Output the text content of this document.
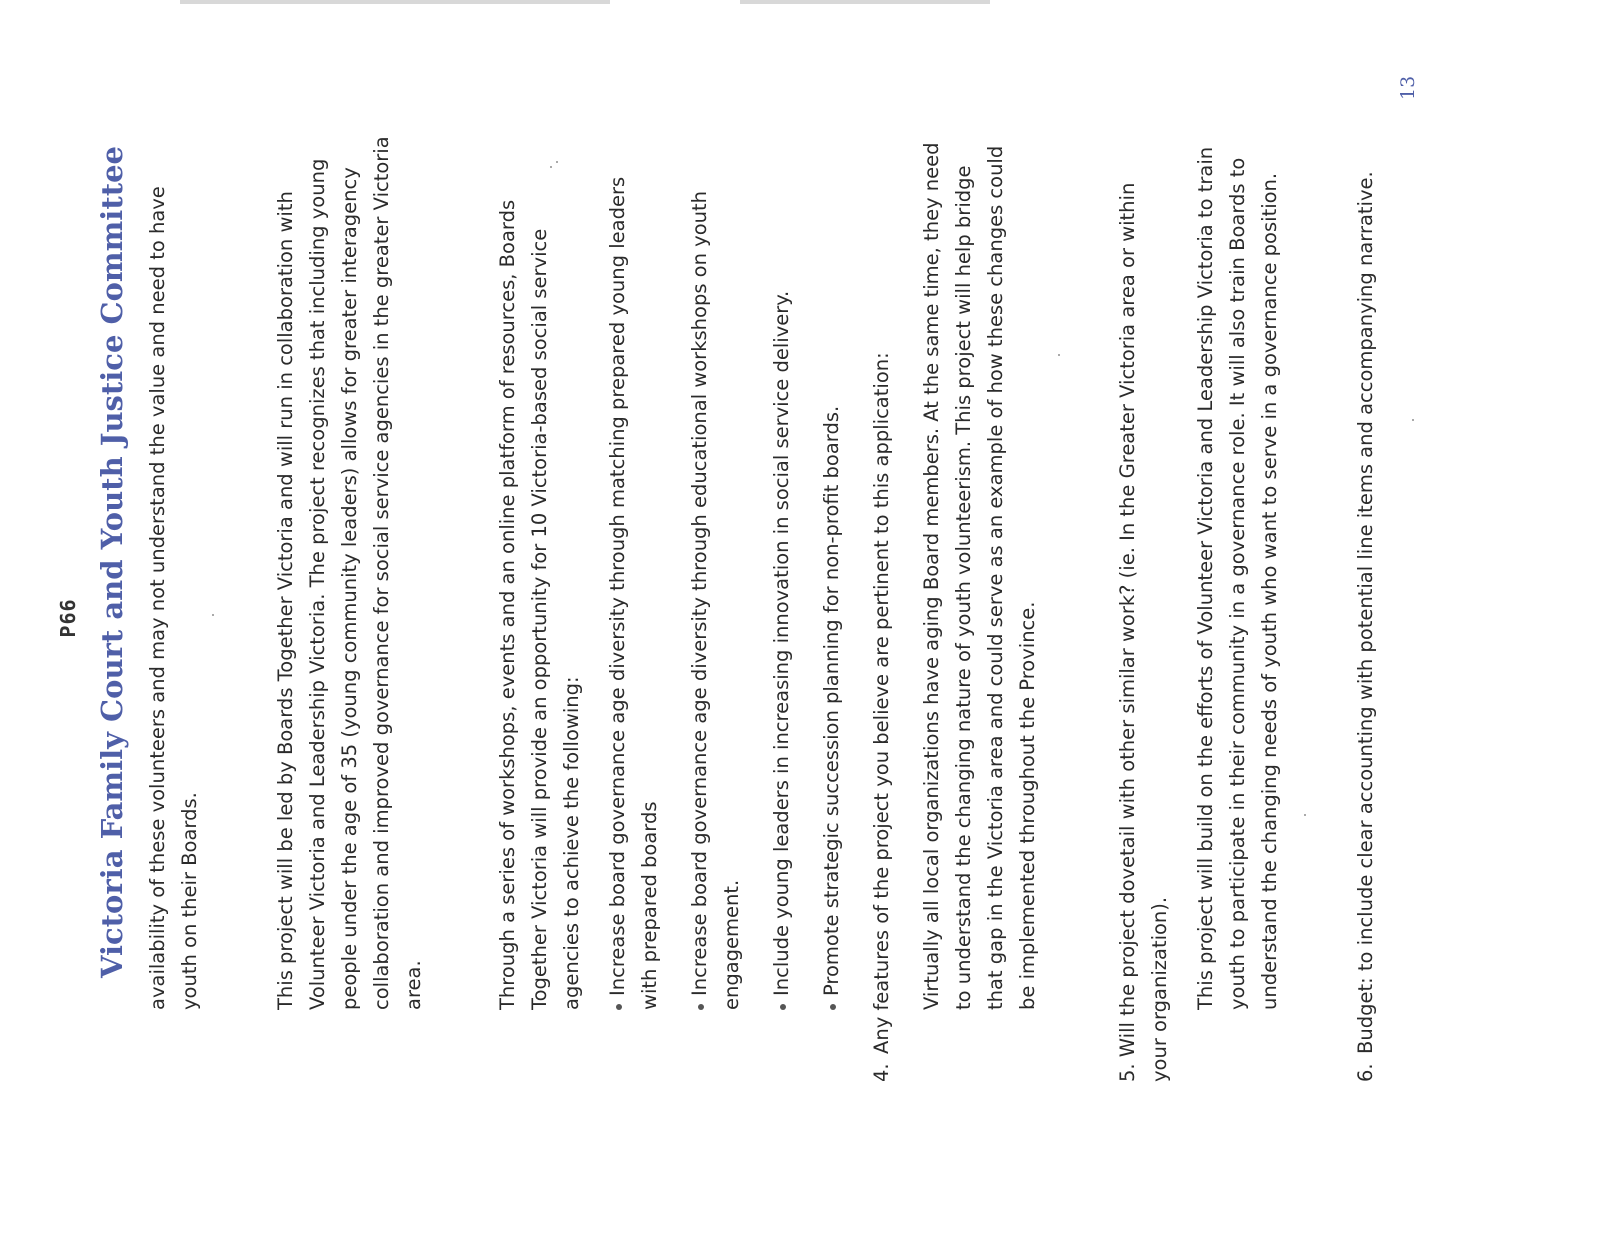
P66 Victoria Family Court and Youth Justice Committee availability of these volunteers and may not understand the value and need to have youth on their Boards.	This project will be led by Boards Together Victoria and will run in collaboration with Volunteer Victoria and Leadership Victoria. The project recognizes that including young people under the age of 35 (young community leaders) allows for greater interagency collaboration and improved governance for social service agencies in the greater Victoria area.	Through a series of workshops, events and an online platform of resources, Boards Together Victoria will provide an opportunity for 10 Victoria-based social service agencies to achieve the following: Increase board governance age diversity through matching prepared young leaders with prepared boards Increase board governance age diversity through educational workshops on youth engagement. Include young leaders in increasing innovation in social service delivery. Promote strategic succession planning for non-profit boards.
4.Any features of the project you believe are pertinent to this application: Virtually all local organizations have aging Board members. At the same time, they need to understand the changing nature of youth volunteerism. This project will help bridge that gap in the Victoria area and could serve as an example of how these changes could be implemented throughout the Province.	5. Will the project dovetail with other similar work? (ie. In the Greater Victoria area or within your organization). This project will build on the efforts of Volunteer Victoria and Leadership Victoria to train youth to participate in their community in a governance role. It will also train Boards to understand the changing needs of youth who want to serve in a governance position.
6.Budget: to include clear accounting with potential line items and accompanying narrative.
13
